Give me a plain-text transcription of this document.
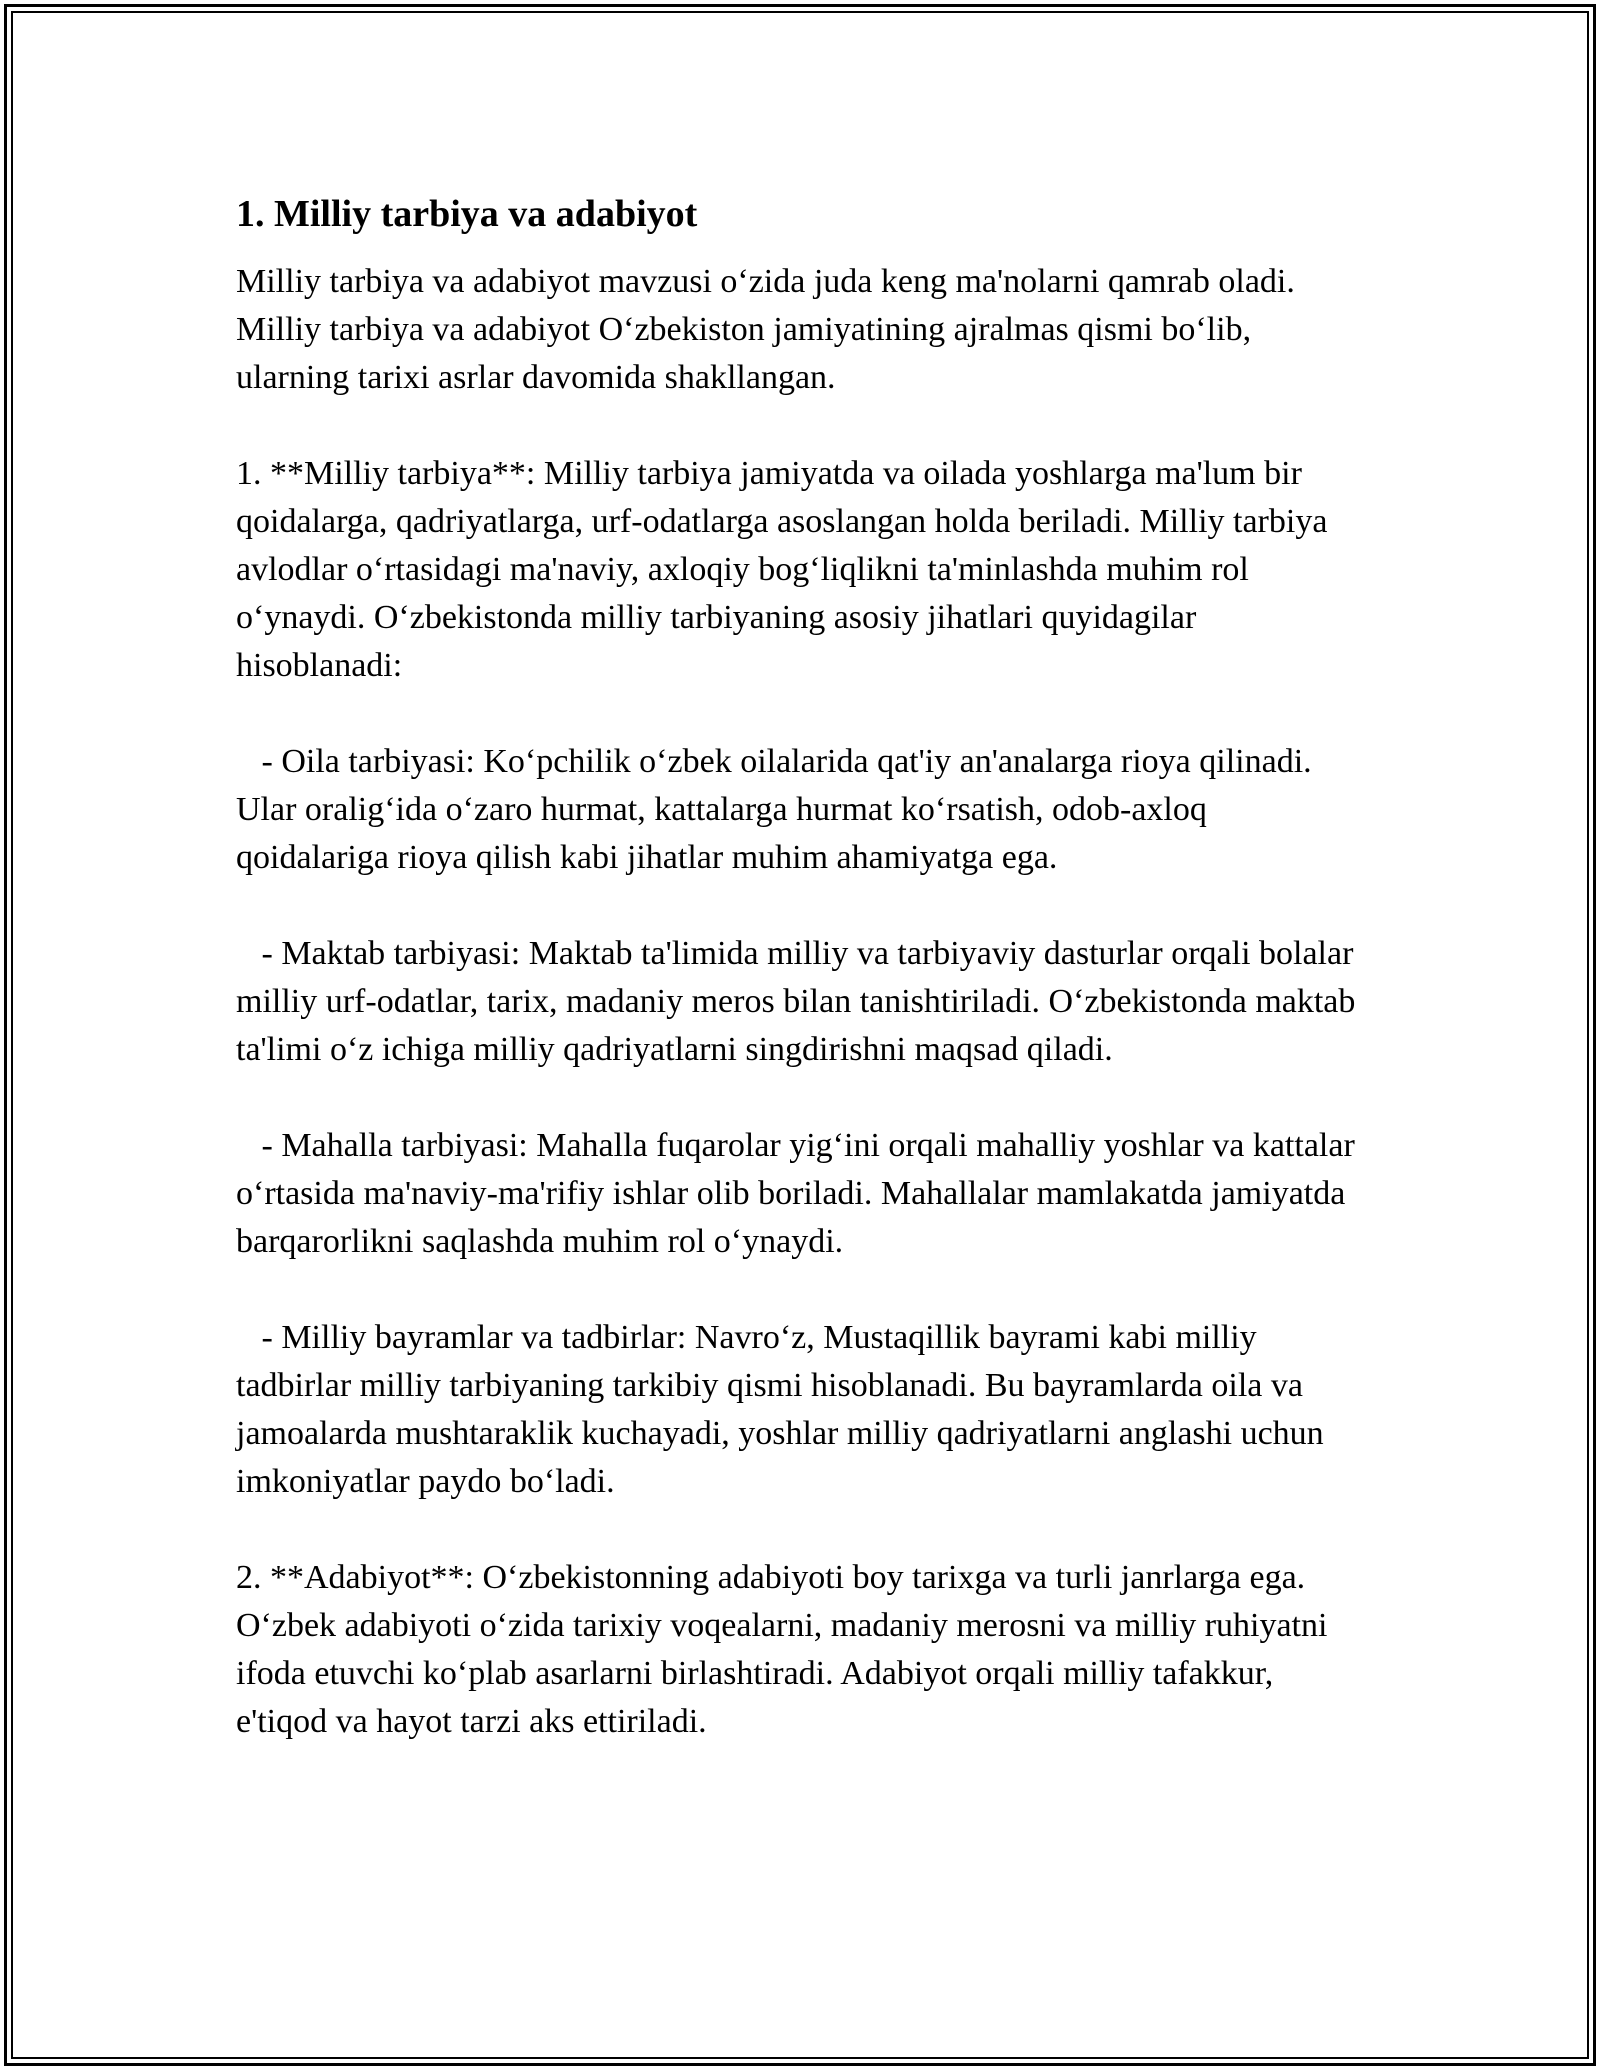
1. Milliy tarbiya va adabiyot

Milliy tarbiya va adabiyot mavzusi o‘zida juda keng ma'nolarni qamrab oladi. Milliy tarbiya va adabiyot O‘zbekiston jamiyatining ajralmas qismi bo‘lib, ularning tarixi asrlar davomida shakllangan.

1. **Milliy tarbiya**: Milliy tarbiya jamiyatda va oilada yoshlarga ma'lum bir qoidalarga, qadriyatlarga, urf-odatlarga asoslangan holda beriladi. Milliy tarbiya avlodlar o‘rtasidagi ma'naviy, axloqiy bog‘liqlikni ta'minlashda muhim rol o‘ynaydi. O‘zbekistonda milliy tarbiyaning asosiy jihatlari quyidagilar hisoblanadi:

- Oila tarbiyasi: Ko‘pchilik o‘zbek oilalarida qat'iy an'analarga rioya qilinadi. Ular oralig‘ida o‘zaro hurmat, kattalarga hurmat ko‘rsatish, odob-axloq qoidalariga rioya qilish kabi jihatlar muhim ahamiyatga ega.

- Maktab tarbiyasi: Maktab ta'limida milliy va tarbiyaviy dasturlar orqali bolalar milliy urf-odatlar, tarix, madaniy meros bilan tanishtiriladi. O‘zbekistonda maktab ta'limi o‘z ichiga milliy qadriyatlarni singdirishni maqsad qiladi.

- Mahalla tarbiyasi: Mahalla fuqarolar yig‘ini orqali mahalliy yoshlar va kattalar o‘rtasida ma'naviy-ma'rifiy ishlar olib boriladi. Mahallalar mamlakatda jamiyatda barqarorlikni saqlashda muhim rol o‘ynaydi.

- Milliy bayramlar va tadbirlar: Navro‘z, Mustaqillik bayrami kabi milliy tadbirlar milliy tarbiyaning tarkibiy qismi hisoblanadi. Bu bayramlarda oila va jamoalarda mushtaraklik kuchayadi, yoshlar milliy qadriyatlarni anglashi uchun imkoniyatlar paydo bo‘ladi.

2. **Adabiyot**: O‘zbekistonning adabiyoti boy tarixga va turli janrlarga ega. O‘zbek adabiyoti o‘zida tarixiy voqealarni, madaniy merosni va milliy ruhiyatni ifoda etuvchi ko‘plab asarlarni birlashtiradi. Adabiyot orqali milliy tafakkur, e'tiqod va hayot tarzi aks ettiriladi.
